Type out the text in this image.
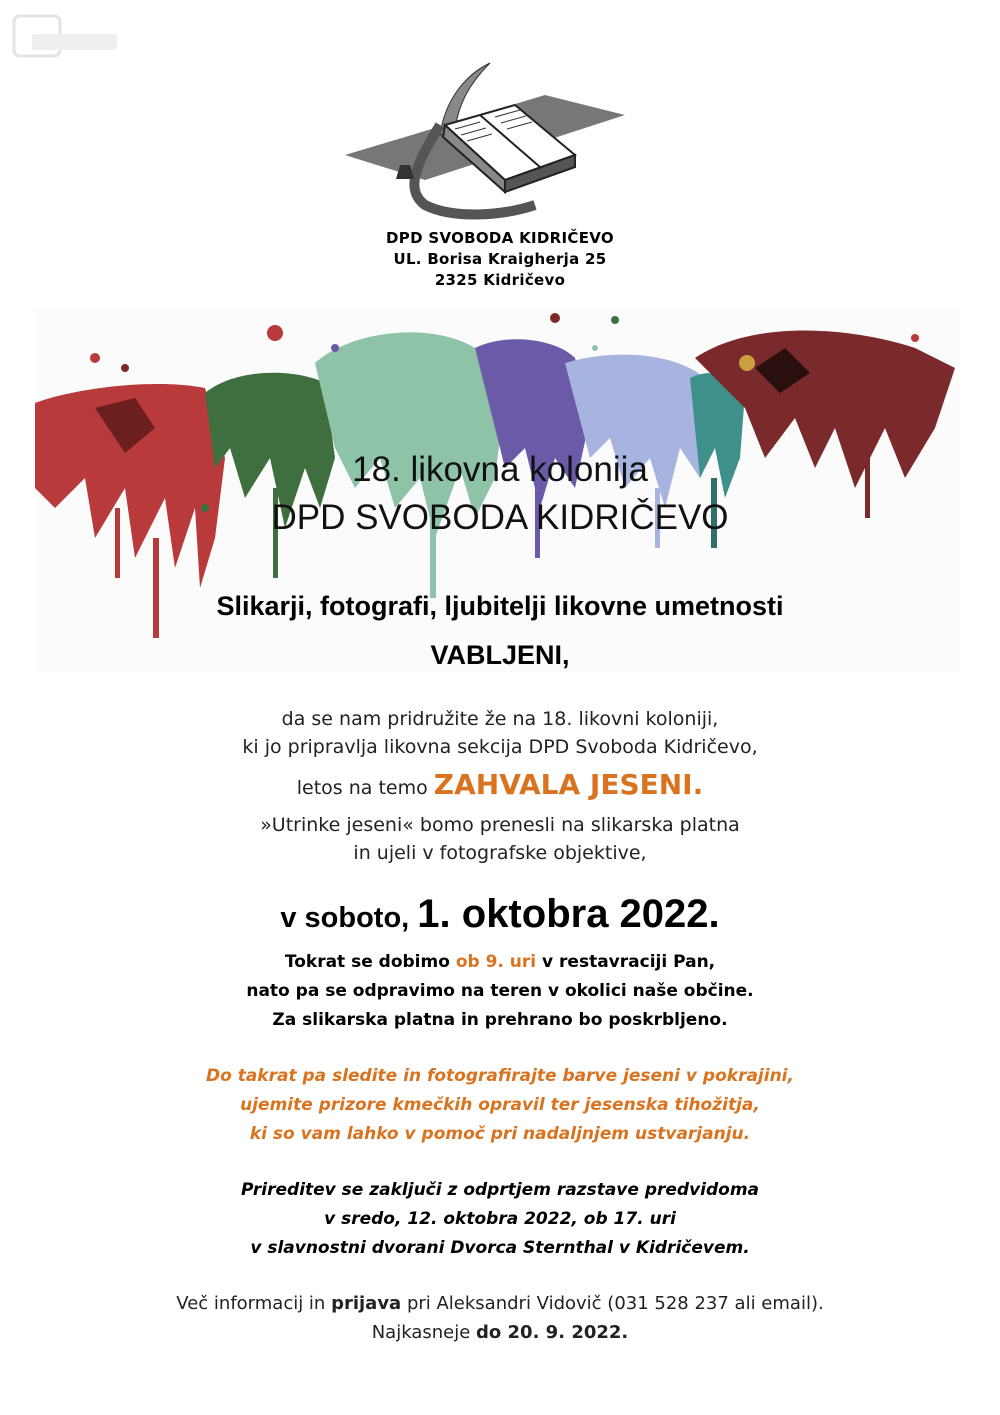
DPD SVOBODA KIDRIČEVO
UL. Borisa Kraigherja 25
2325 Kidričevo
18. likovna kolonija
DPD SVOBODA KIDRIČEVO
Slikarji, fotografi, ljubitelji likovne umetnosti
VABLJENI,
da se nam pridružite že na 18. likovni koloniji,
ki jo pripravlja likovna sekcija DPD Svoboda Kidričevo,
letos na temo ZAHVALA JESENI.
»Utrinke jeseni« bomo prenesli na slikarska platna
in ujeli v fotografske objektive,
v soboto, 1. oktobra 2022.
Tokrat se dobimo ob 9. uri v restavraciji Pan,
nato pa se odpravimo na teren v okolici naše občine.
Za slikarska platna in prehrano bo poskrbljeno.
Do takrat pa sledite in fotografirajte barve jeseni v pokrajini,
ujemite prizore kmečkih opravil ter jesenska tihožitja,
ki so vam lahko v pomoč pri nadaljnjem ustvarjanju.
Prireditev se zaključi z odprtjem razstave predvidoma
v sredo, 12. oktobra 2022, ob 17. uri
v slavnostni dvorani Dvorca Sternthal v Kidričevem.
Več informacij in prijava pri Aleksandri Vidovič (031 528 237 ali email).
Najkasneje do 20. 9. 2022.
